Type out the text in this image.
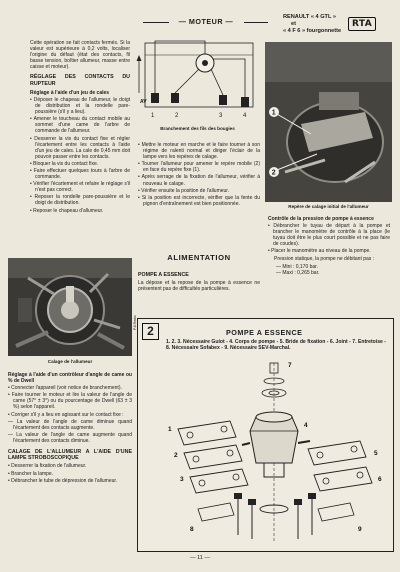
— MOTEUR —	RENAULT « 4 GTL »
et
« 4 F 6 » fourgonnette
RTA

Cette opération se fait contacts fermés. Si la valeur est supérieure à 0,2 volts, localiser l'origine du défaut (état des contacts, fil basse tension, boîtier allumeur, masse entre caisse et moteur).

RÉGLAGE DES CONTACTS DU RUPTEUR
Réglage à l'aide d'un jeu de cales
• Déposer le chapeau de l'allumeur, le doigt de distribution et la rondelle pare-poussière (s'il y a lieu).
• Amener le toucheau du contact mobile au sommet d'une came de l'arbre de commande de l'allumeur.
• Desserrer la vis du contact fixe et régler l'écartement entre les contacts à l'aide d'un jeu de cales. La cale de 0,45 mm doit pouvoir passer entre les contacts.
• Bloquer la vis du contact fixe.
• Faire effectuer quelques tours à l'arbre de commande.
• Vérifier l'écartement et refaire le réglage s'il n'est pas correct.
• Reposer la rondelle pare-poussière et le doigt de distribution.
• Reposer le chapeau d'allumeur.
Calage de l'allumeur
P.8 Rmbo
Réglage à l'aide d'un contrôleur d'angle de came ou % de Dwell
• Connecter l'appareil (voir notice de branchement).
• Faire tourner le moteur et lire la valeur de l'angle de came (57° ± 3°) ou du pourcentage de Dwell (63 ± 3 %) selon l'appareil.
• Corriger s'il y a lieu en agissant sur le contact fixe :
— La valeur de l'angle de came diminue quand l'écartement des contacts augmente.
— La valeur de l'angle de came augmente quand l'écartement des contacts diminue.
CALAGE DE L'ALLUMEUR A L'AIDE D'UNE LAMPE STROBOSCOPIQUE
• Desserrer la fixation de l'allumeur.
• Brancher la lampe.
• Débrancher le tube de dépression de l'allumeur.
AV
1	2	3	4
Branchement des fils des bougies
• Mettre le moteur en marche et le faire tourner à son régime de ralenti normal et diriger l'éclair de la lampe vers les repères de calage.
• Tourner l'allumeur pour amener le repère mobile (2) en face du repère fixe (1).
• Après serrage de la fixation de l'allumeur, vérifier à nouveau le calage.
• Vérifier ensuite la position de l'allumeur.
• Si la position est incorrecte, vérifier que la fente du pignon d'entraînement est bien positionnée.
ALIMENTATION
POMPE A ESSENCE

La dépose et la repose de la pompe à essence ne présentent pas de difficultés particulières.

1
2
Repère de calage initial de l'allumeur
Contrôle de la pression de pompe à essence
• Débrancher le tuyau de départ à la pompe et brancher le manomètre de contrôle à la place (le tuyau doit être le plus court possible et ne pas faire de coudes).
• Placer le manomètre au niveau de la pompe.

Pression statique, la pompe ne débitant pas :

— Mini : 0,170 bar.
— Maxi : 0,265 bar.
2	POMPE A ESSENCE
1. 2. 3. Nécessaire Guiot - 4. Corps de pompe - 5. Bride de fixation - 6. Joint - 7. Entretoise - 8. Nécessaire Sofabex - 9. Nécessaire SEV-Marchal.
1
2
3
4
5
6
7
8	9
— 11 —
